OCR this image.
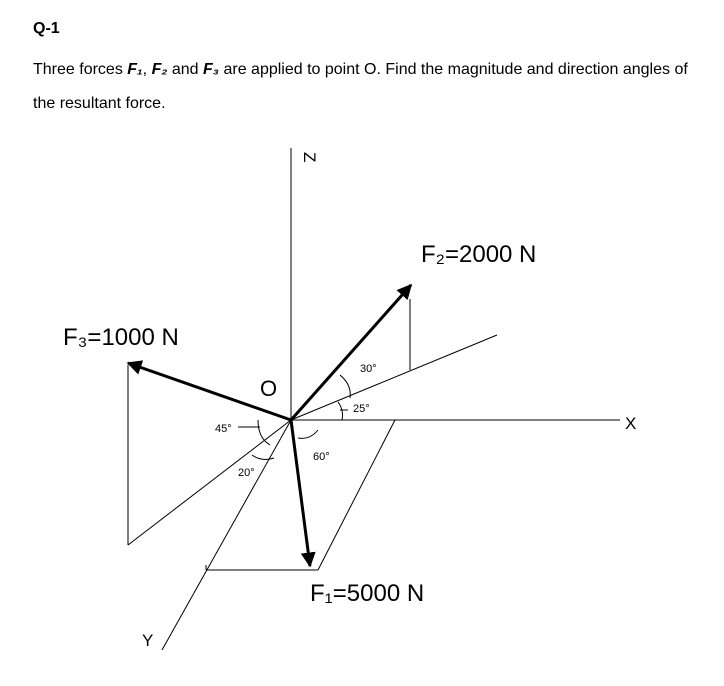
Q-1

Three forces F₁, F₂ and F₃ are applied to point O. Find the magnitude and direction angles of the resultant force.

Z
X
Y
O
F₁=5000 N
F₂=2000 N
F₃=1000 N
30°
25°
60°
45°
20°
